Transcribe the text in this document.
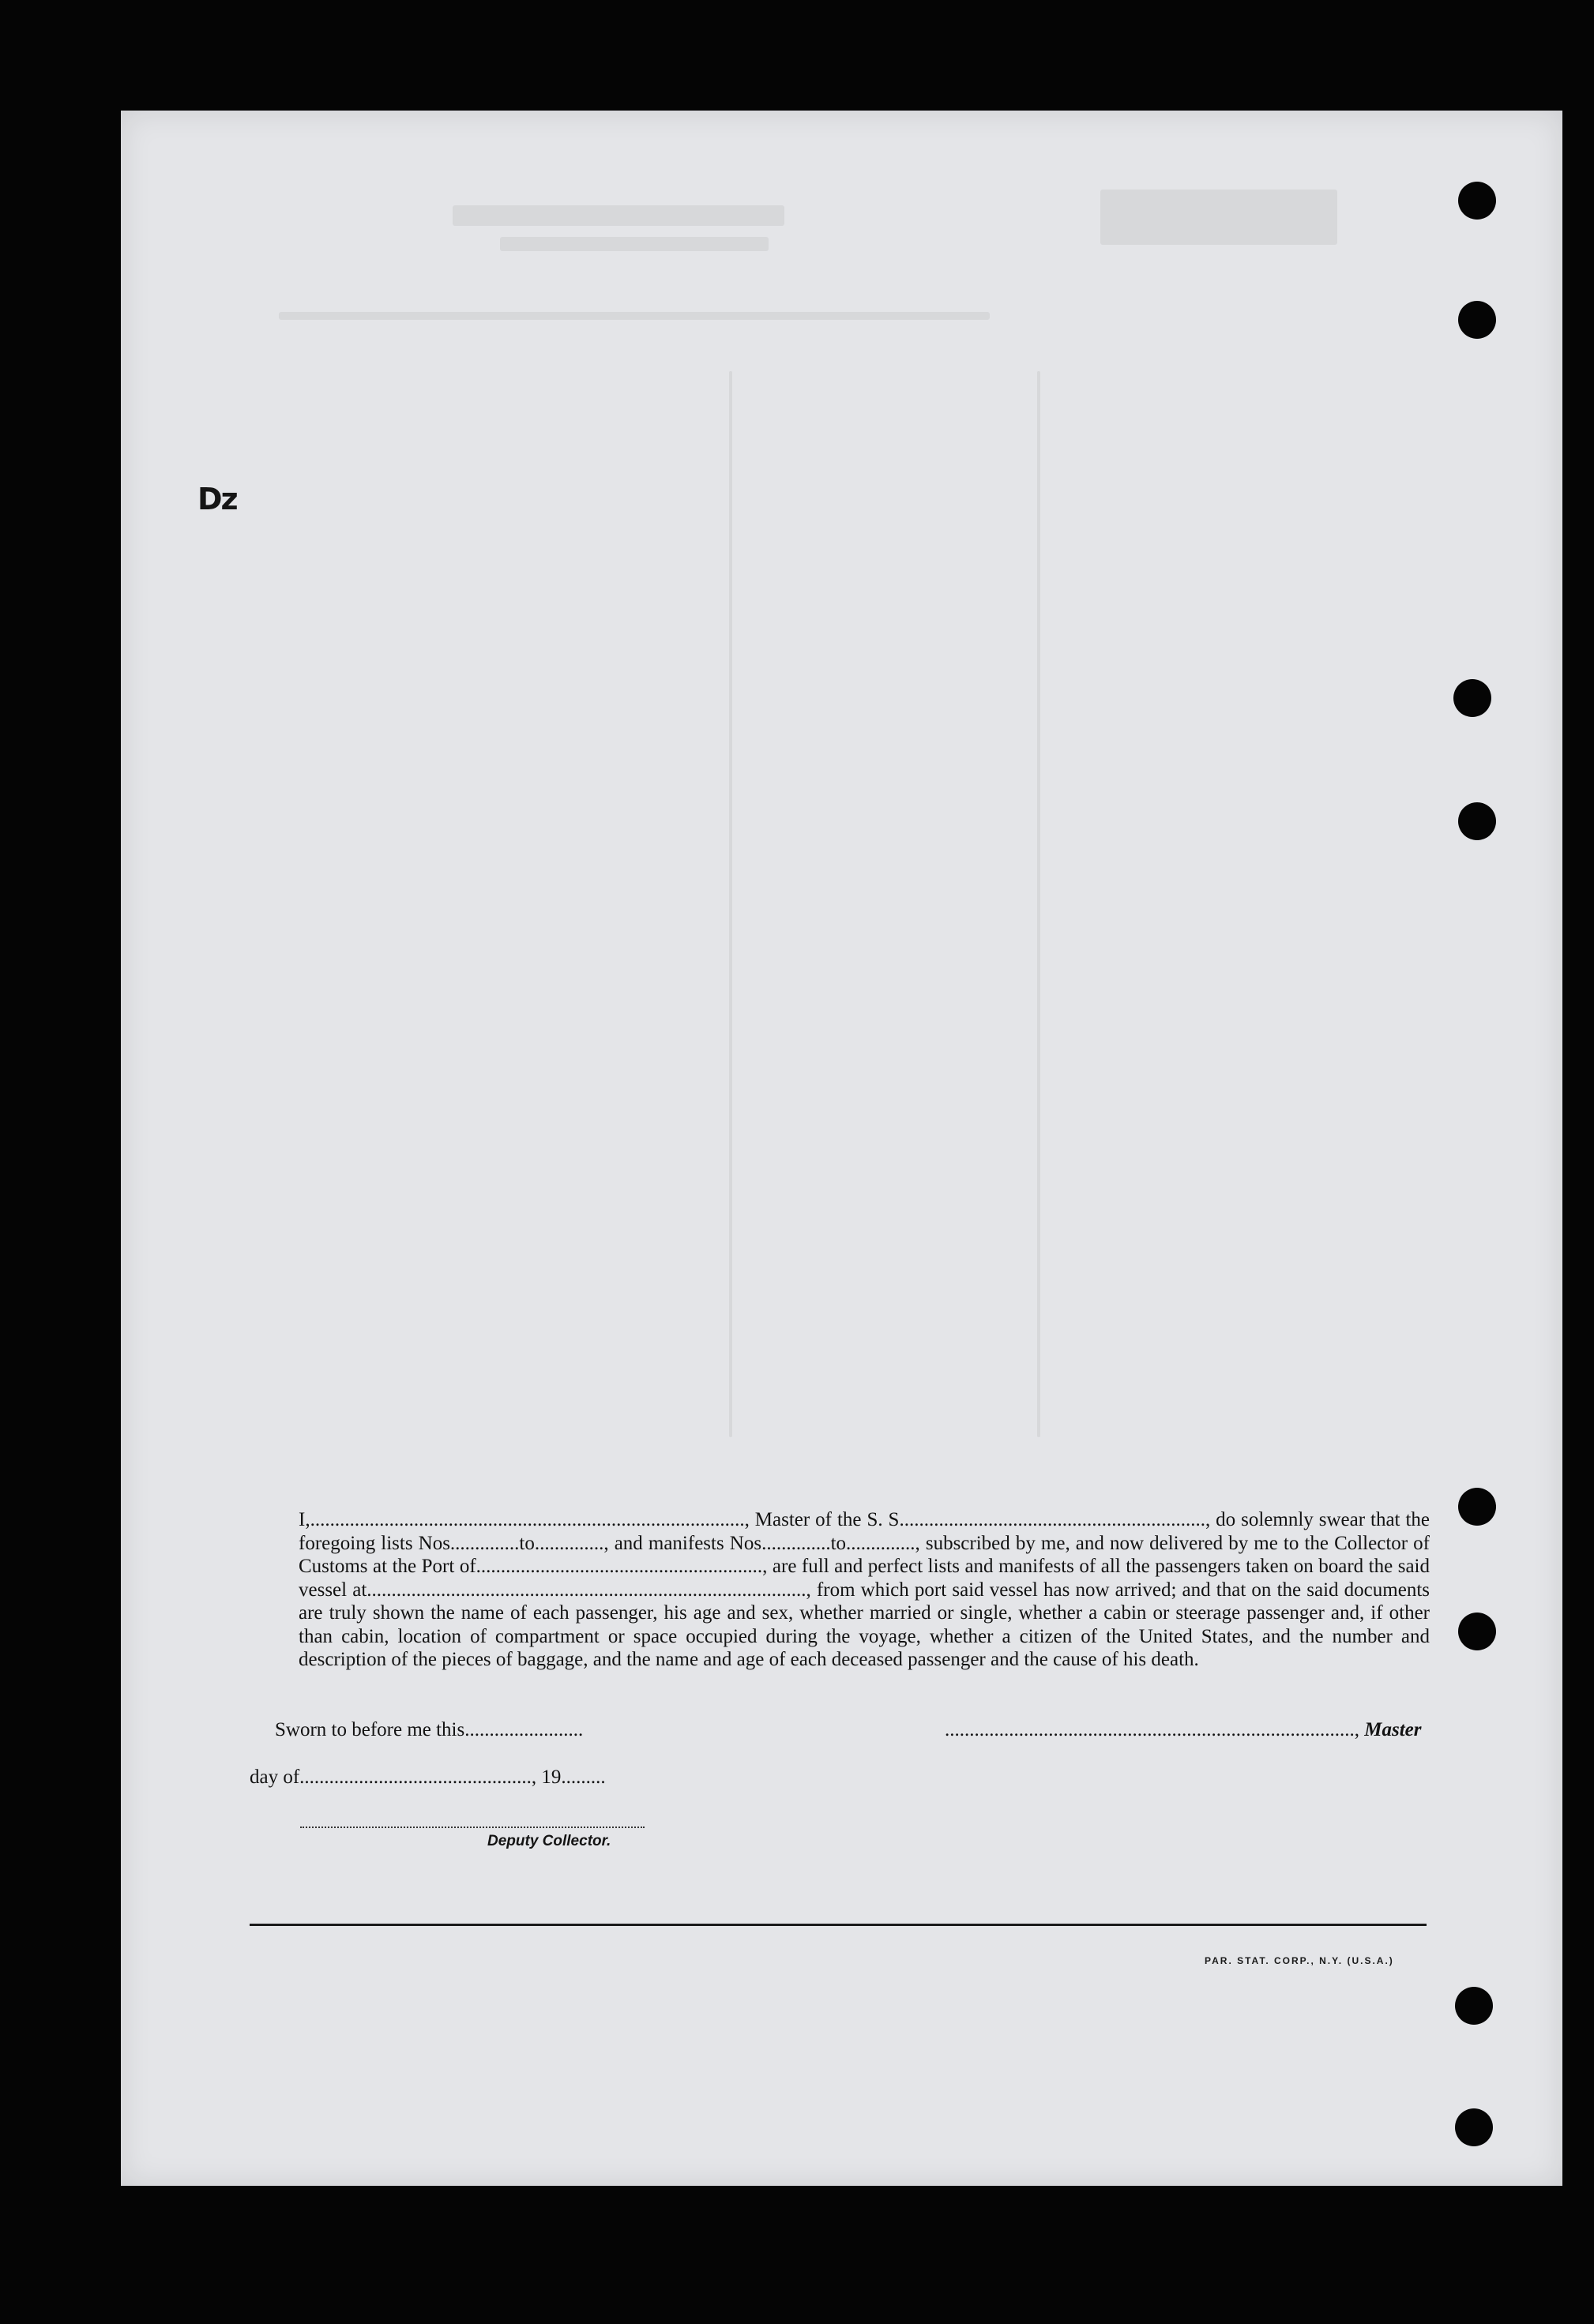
Dz
I,........................................................................................, Master of the S. S.............................................................., do solemnly swear that the foregoing lists Nos..............to.............., and manifests Nos..............to.............., subscribed by me, and now delivered by me to the Collector of Customs at the Port of.........................................................., are full and perfect lists and manifests of all the passengers taken on board the said vessel at........................................................................................., from which port said vessel has now arrived; and that on the said documents are truly shown the name of each passenger, his age and sex, whether married or single, whether a cabin or steerage passenger and, if other than cabin, location of compartment or space occupied during the voyage, whether a citizen of the United States, and the number and description of the pieces of baggage, and the name and age of each deceased passenger and the cause of his death.
Sworn to before me this........................	..................................................................................., Master
day of..............................................., 19.........
Deputy Collector.
PAR. STAT. CORP., N.Y. (U.S.A.)
